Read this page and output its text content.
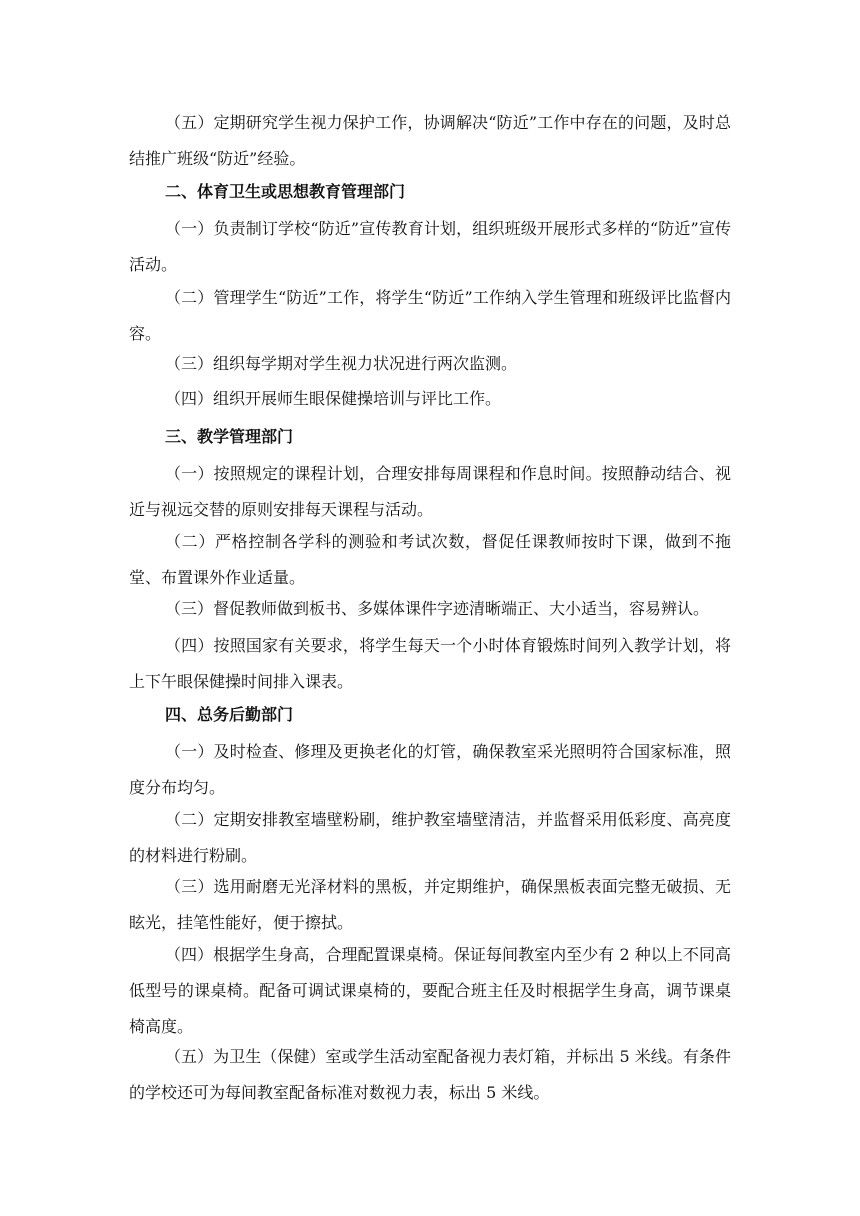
（五）定期研究学生视力保护工作，协调解决“防近”工作中存在的问题，及时总结推广班级“防近”经验。
二、体育卫生或思想教育管理部门
（一）负责制订学校“防近”宣传教育计划，组织班级开展形式多样的“防近”宣传活动。
（二）管理学生“防近”工作，将学生“防近”工作纳入学生管理和班级评比监督内容。
（三）组织每学期对学生视力状况进行两次监测。
（四）组织开展师生眼保健操培训与评比工作。
三、教学管理部门
（一）按照规定的课程计划，合理安排每周课程和作息时间。按照静动结合、视近与视远交替的原则安排每天课程与活动。
（二）严格控制各学科的测验和考试次数，督促任课教师按时下课，做到不拖堂、布置课外作业适量。
（三）督促教师做到板书、多媒体课件字迹清晰端正、大小适当，容易辨认。
（四）按照国家有关要求，将学生每天一个小时体育锻炼时间列入教学计划，将上下午眼保健操时间排入课表。
四、总务后勤部门
（一）及时检查、修理及更换老化的灯管，确保教室采光照明符合国家标准，照度分布均匀。
（二）定期安排教室墙壁粉刷，维护教室墙壁清洁，并监督采用低彩度、高亮度的材料进行粉刷。
（三）选用耐磨无光泽材料的黑板，并定期维护，确保黑板表面完整无破损、无眩光，挂笔性能好，便于擦拭。
（四）根据学生身高，合理配置课桌椅。保证每间教室内至少有 2 种以上不同高低型号的课桌椅。配备可调试课桌椅的，要配合班主任及时根据学生身高，调节课桌椅高度。
（五）为卫生（保健）室或学生活动室配备视力表灯箱，并标出 5 米线。有条件的学校还可为每间教室配备标准对数视力表，标出 5 米线。
